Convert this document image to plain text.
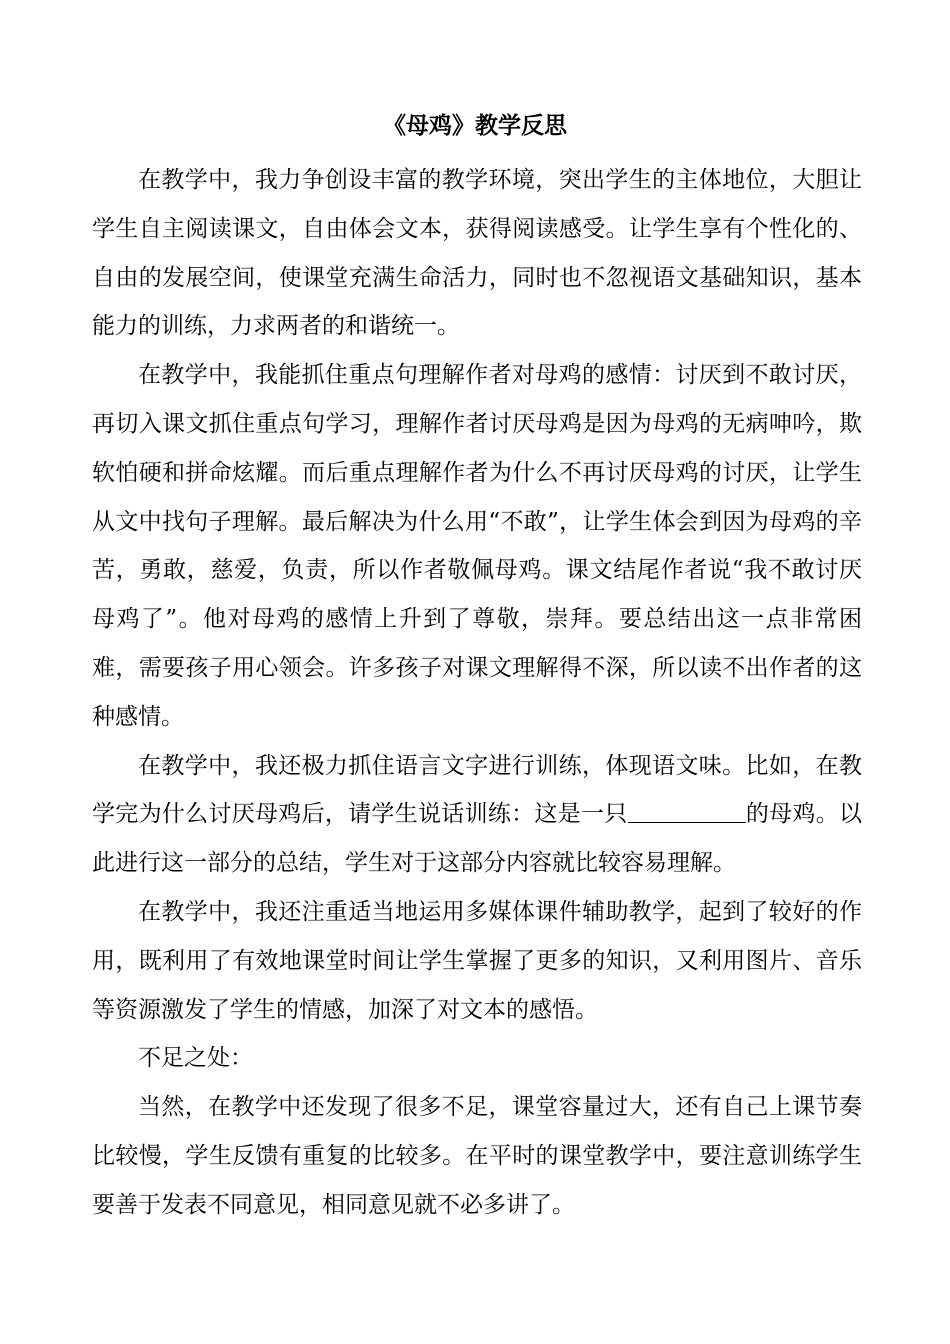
《母鸡》教学反思

在教学中，我力争创设丰富的教学环境，突出学生的主体地位，大胆让学生自主阅读课文，自由体会文本，获得阅读感受。让学生享有个性化的、自由的发展空间，使课堂充满生命活力，同时也不忽视语文基础知识，基本能力的训练，力求两者的和谐统一。

在教学中，我能抓住重点句理解作者对母鸡的感情：讨厌到不敢讨厌，再切入课文抓住重点句学习，理解作者讨厌母鸡是因为母鸡的无病呻吟，欺软怕硬和拼命炫耀。而后重点理解作者为什么不再讨厌母鸡的讨厌，让学生从文中找句子理解。最后解决为什么用“不敢”，让学生体会到因为母鸡的辛苦，勇敢，慈爱，负责，所以作者敬佩母鸡。课文结尾作者说“我不敢讨厌母鸡了”。他对母鸡的感情上升到了尊敬，崇拜。要总结出这一点非常困难，需要孩子用心领会。许多孩子对课文理解得不深，所以读不出作者的这种感情。

在教学中，我还极力抓住语言文字进行训练，体现语文味。比如，在教学完为什么讨厌母鸡后，请学生说话训练：这是一只	的母鸡。以此进行这一部分的总结，学生对于这部分内容就比较容易理解。

在教学中，我还注重适当地运用多媒体课件辅助教学，起到了较好的作用，既利用了有效地课堂时间让学生掌握了更多的知识，又利用图片、音乐等资源激发了学生的情感，加深了对文本的感悟。

不足之处：

当然，在教学中还发现了很多不足，课堂容量过大，还有自己上课节奏比较慢，学生反馈有重复的比较多。在平时的课堂教学中，要注意训练学生要善于发表不同意见，相同意见就不必多讲了。
